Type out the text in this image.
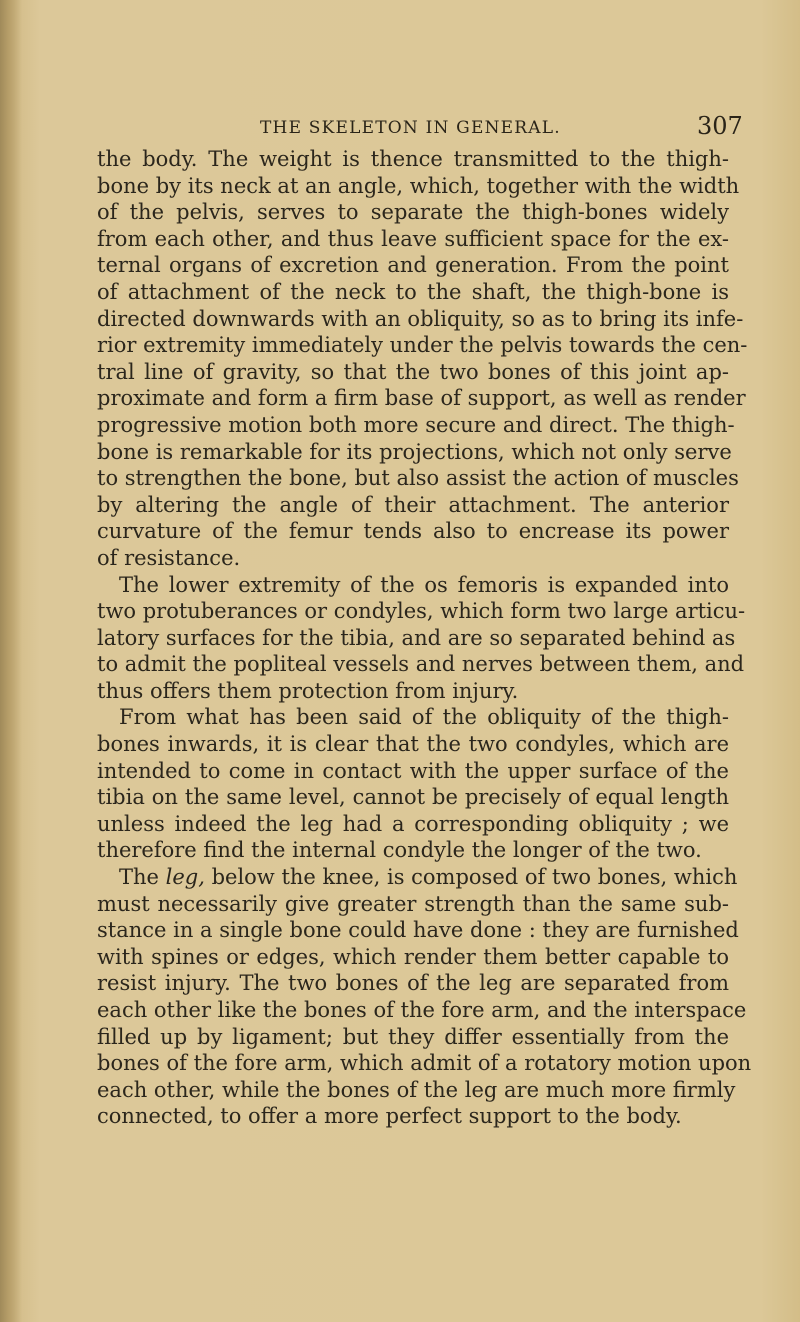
THE SKELETON IN GENERAL.	307
the body. The weight is thence transmitted to the thigh-
bone by its neck at an angle, which, together with the width
of the pelvis, serves to separate the thigh-bones widely
from each other, and thus leave sufficient space for the ex-
ternal organs of excretion and generation. From the point
of attachment of the neck to the shaft, the thigh-bone is
directed downwards with an obliquity, so as to bring its infe-
rior extremity immediately under the pelvis towards the cen-
tral line of gravity, so that the two bones of this joint ap-
proximate and form a firm base of support, as well as render
progressive motion both more secure and direct. The thigh-
bone is remarkable for its projections, which not only serve
to strengthen the bone, but also assist the action of muscles
by altering the angle of their attachment. The anterior
curvature of the femur tends also to encrease its power
of resistance.
The lower extremity of the os femoris is expanded into
two protuberances or condyles, which form two large articu-
latory surfaces for the tibia, and are so separated behind as
to admit the popliteal vessels and nerves between them, and
thus offers them protection from injury.
From what has been said of the obliquity of the thigh-
bones inwards, it is clear that the two condyles, which are
intended to come in contact with the upper surface of the
tibia on the same level, cannot be precisely of equal length
unless indeed the leg had a corresponding obliquity ; we
therefore find the internal condyle the longer of the two.
The leg, below the knee, is composed of two bones, which
must necessarily give greater strength than the same sub-
stance in a single bone could have done : they are furnished
with spines or edges, which render them better capable to
resist injury. The two bones of the leg are separated from
each other like the bones of the fore arm, and the interspace
filled up by ligament; but they differ essentially from the
bones of the fore arm, which admit of a rotatory motion upon
each other, while the bones of the leg are much more firmly
connected, to offer a more perfect support to the body.
